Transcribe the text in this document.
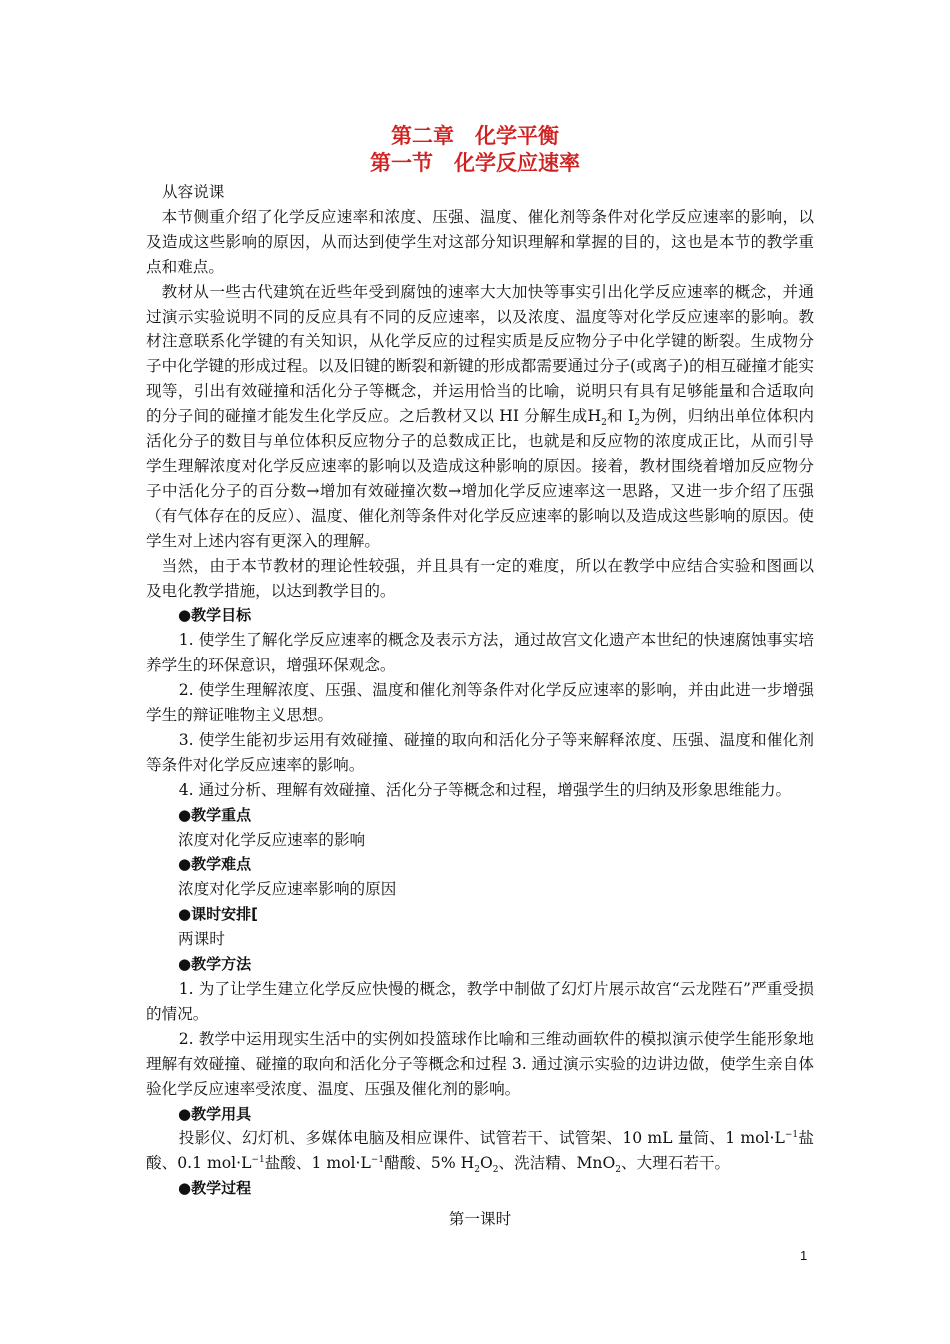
第二章　化学平衡
第一节　化学反应速率

从容说课

本节侧重介绍了化学反应速率和浓度、压强、温度、催化剂等条件对化学反应速率的影响，以及造成这些影响的原因，从而达到使学生对这部分知识理解和掌握的目的，这也是本节的教学重点和难点。

教材从一些古代建筑在近些年受到腐蚀的速率大大加快等事实引出化学反应速率的概念，并通过演示实验说明不同的反应具有不同的反应速率，以及浓度、温度等对化学反应速率的影响。教材注意联系化学键的有关知识，从化学反应的过程实质是反应物分子中化学键的断裂。生成物分子中化学键的形成过程。以及旧键的断裂和新键的形成都需要通过分子(或离子)的相互碰撞才能实现等，引出有效碰撞和活化分子等概念，并运用恰当的比喻，说明只有具有足够能量和合适取向的分子间的碰撞才能发生化学反应。之后教材又以 HI 分解生成$H_2$和 $I_2$为例，归纳出单位体积内活化分子的数目与单位体积反应物分子的总数成正比，也就是和反应物的浓度成正比，从而引导学生理解浓度对化学反应速率的影响以及造成这种影响的原因。接着，教材围绕着增加反应物分子中活化分子的百分数→增加有效碰撞次数→增加化学反应速率这一思路，又进一步介绍了压强（有气体存在的反应）、温度、催化剂等条件对化学反应速率的影响以及造成这些影响的原因。使学生对上述内容有更深入的理解。

当然，由于本节教材的理论性较强，并且具有一定的难度，所以在教学中应结合实验和图画以及电化教学措施，以达到教学目的。

●教学目标

1. 使学生了解化学反应速率的概念及表示方法，通过故宫文化遗产本世纪的快速腐蚀事实培养学生的环保意识，增强环保观念。

2. 使学生理解浓度、压强、温度和催化剂等条件对化学反应速率的影响，并由此进一步增强学生的辩证唯物主义思想。

3. 使学生能初步运用有效碰撞、碰撞的取向和活化分子等来解释浓度、压强、温度和催化剂等条件对化学反应速率的影响。

4. 通过分析、理解有效碰撞、活化分子等概念和过程，增强学生的归纳及形象思维能力。

●教学重点

浓度对化学反应速率的影响

●教学难点

浓度对化学反应速率影响的原因

●课时安排[

两课时

●教学方法

1. 为了让学生建立化学反应快慢的概念，教学中制做了幻灯片展示故宫“云龙陛石”严重受损的情况。

2. 教学中运用现实生活中的实例如投篮球作比喻和三维动画软件的模拟演示使学生能形象地理解有效碰撞、碰撞的取向和活化分子等概念和过程 3. 通过演示实验的边讲边做，使学生亲自体验化学反应速率受浓度、温度、压强及催化剂的影响。

●教学用具

投影仪、幻灯机、多媒体电脑及相应课件、试管若干、试管架、10 mL 量筒、1 $mol\cdot L^{-1}$盐酸、0.1 $mol\cdot L^{-1}$盐酸、1 $mol\cdot L^{-1}$醋酸、5% $H_2O_2$、洗洁精、MnO$_2$、大理石若干。

●教学过程

第一课时

1
